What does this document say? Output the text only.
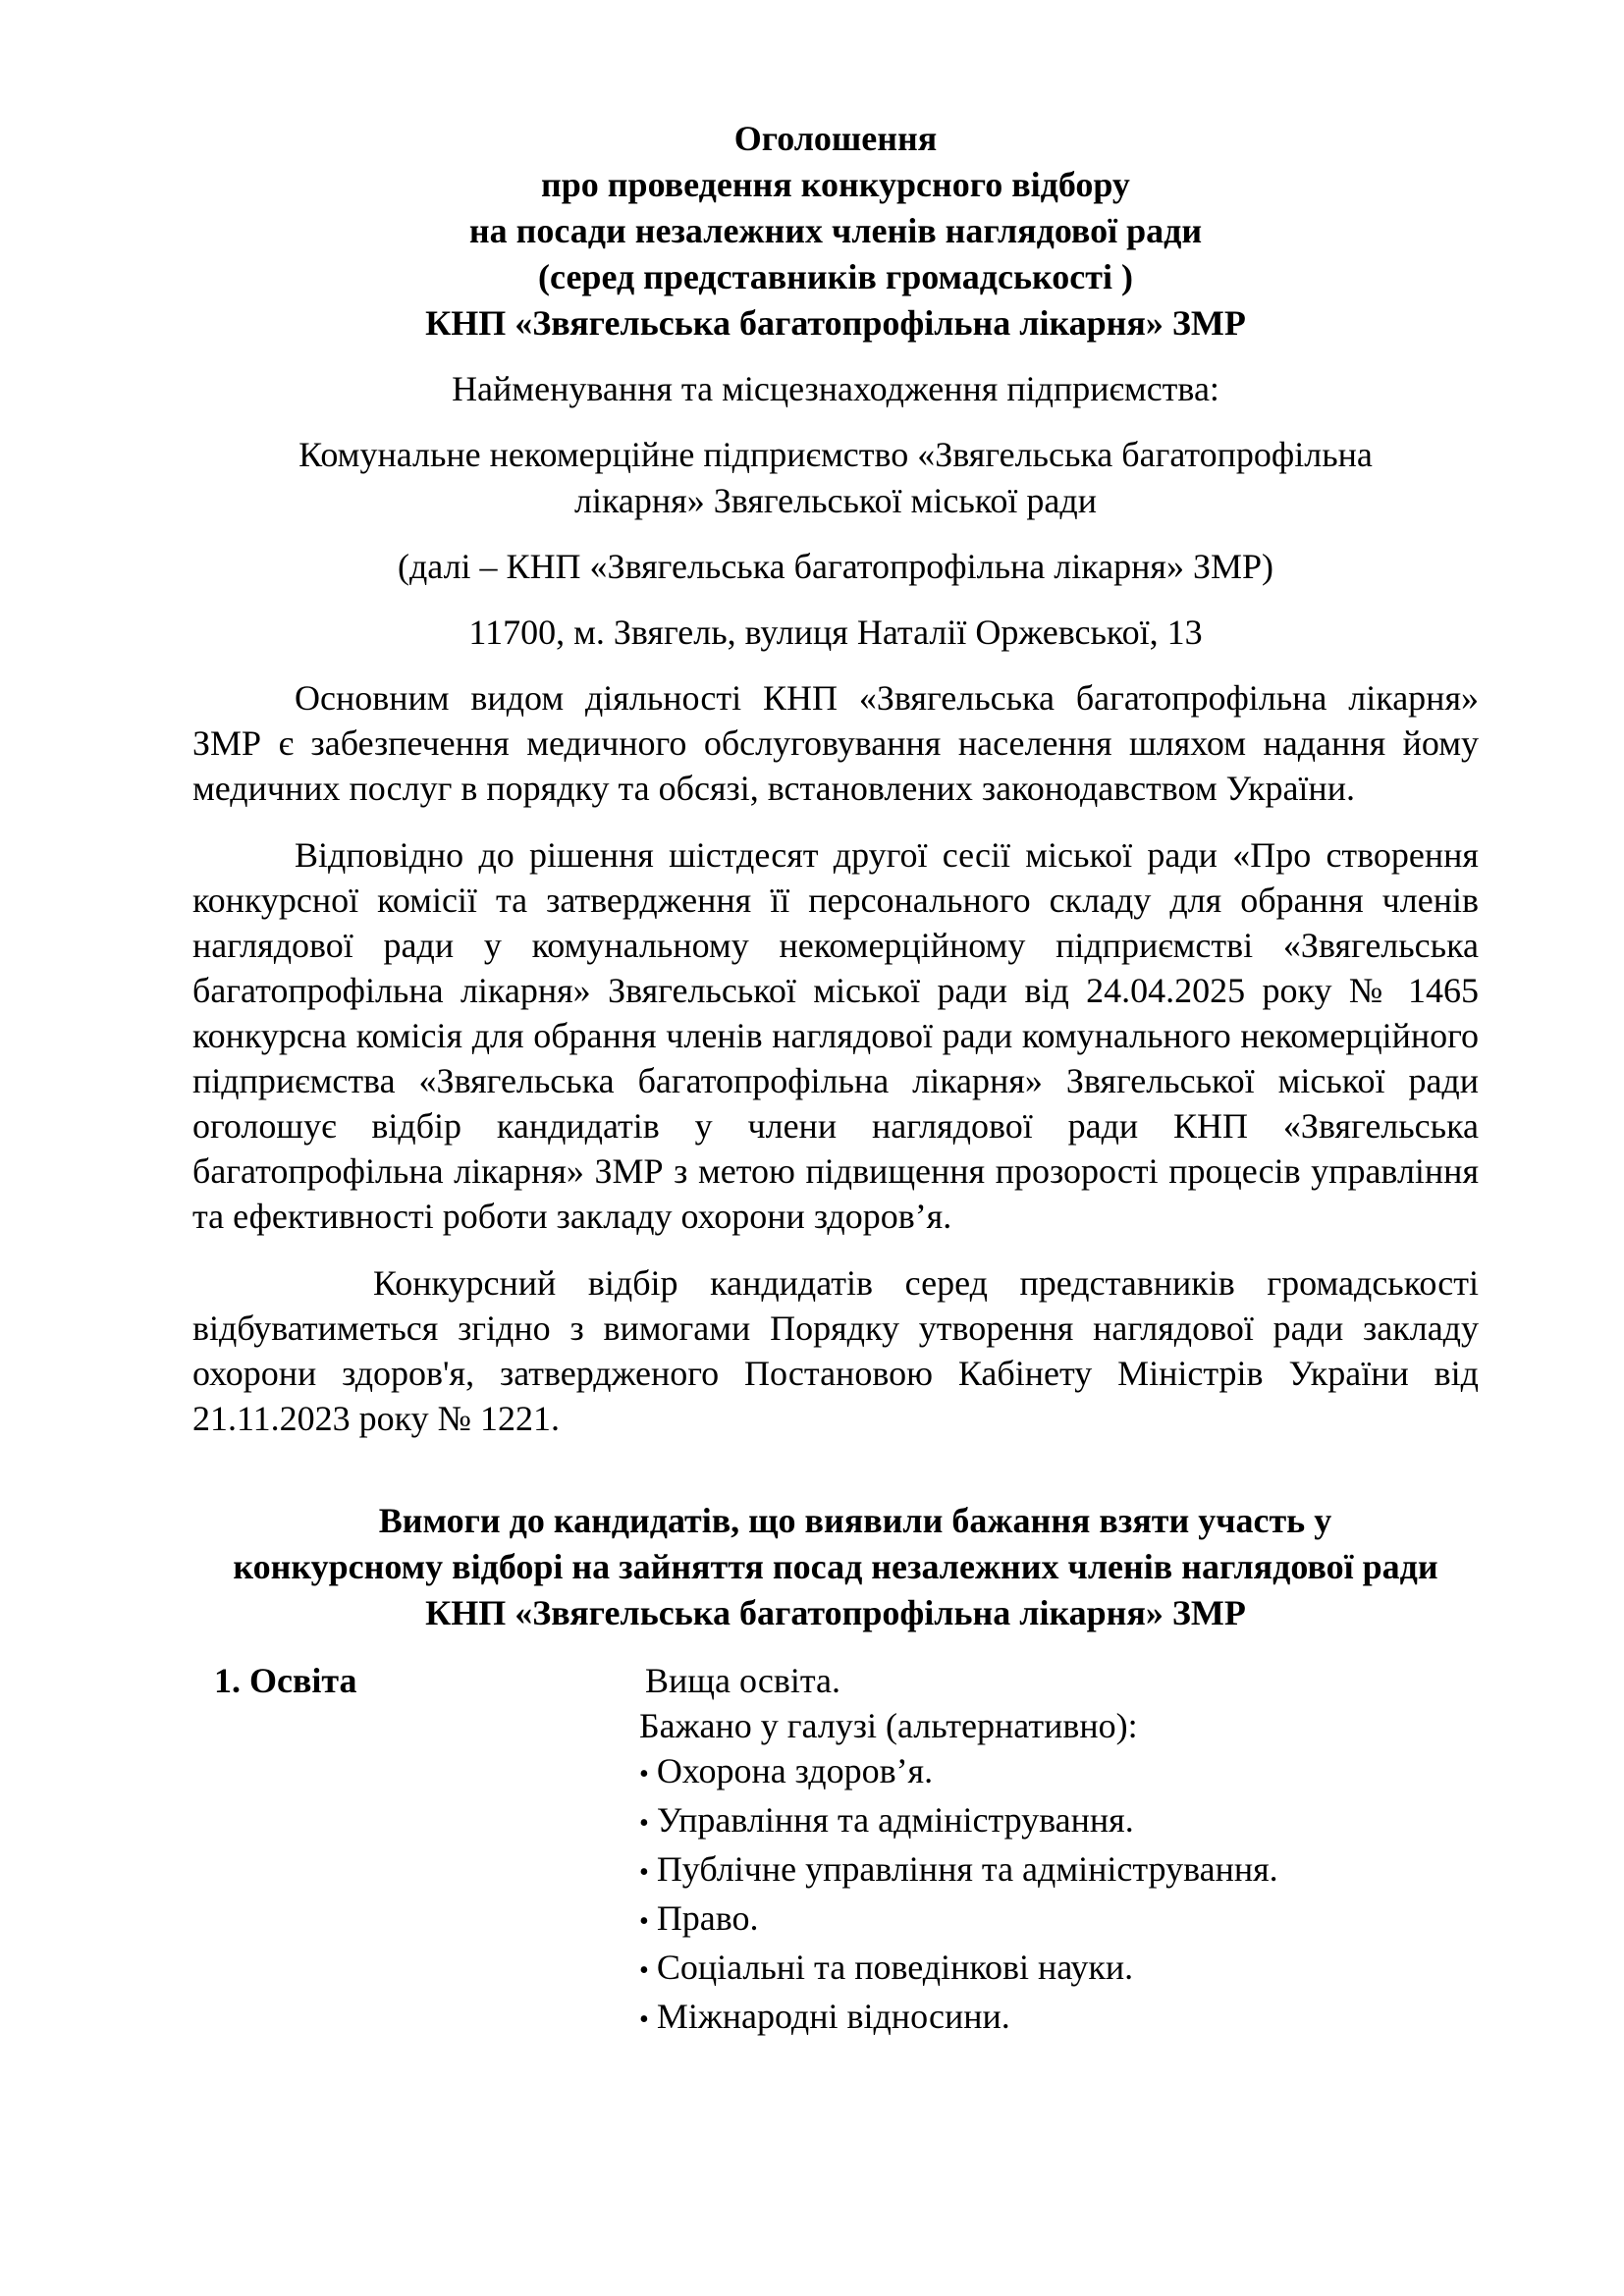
Оголошення
про проведення конкурсного відбору
на посади незалежних членів наглядової ради
(серед представників громадськості )
КНП «Звягельська багатопрофільна лікарня» ЗМР
Найменування та місцезнаходження підприємства:
Комунальне некомерційне підприємство «Звягельська багатопрофільна
лікарня» Звягельської міської ради
(далі – КНП «Звягельська багатопрофільна лікарня» ЗМР)
11700, м. Звягель, вулиця Наталії Оржевської, 13

Основним видом діяльності КНП «Звягельська багатопрофільна лікарня» ЗМР є забезпечення медичного обслуговування населення шляхом надання йому медичних послуг в порядку та обсязі, встановлених законодавством України.

Відповідно до рішення шістдесят другої сесії міської ради «Про створення конкурсної комісії та затвердження її персонального складу для обрання членів наглядової ради у комунальному некомерційному підприємстві «Звягельська багатопрофільна лікарня» Звягельської міської ради від 24.04.2025 року № 1465 конкурсна комісія для обрання членів наглядової ради комунального некомерційного підприємства «Звягельська багатопрофільна лікарня» Звягельської міської ради оголошує відбір кандидатів у члени наглядової ради КНП «Звягельська багатопрофільна лікарня» ЗМР з метою підвищення прозорості процесів управління та ефективності роботи закладу охорони здоров’я.

Конкурсний відбір кандидатів серед представників громадськості відбуватиметься згідно з вимогами Порядку утворення наглядової ради закладу охорони здоров'я, затвердженого Постановою Кабінету Міністрів України від 21.11.2023 року № 1221.

Вимоги до кандидатів, що виявили бажання взяти участь у
конкурсному відборі на зайняття посад незалежних членів наглядової ради
КНП «Звягельська багатопрофільна лікарня» ЗМР
1. Освіта	Вища освіта.
Бажано у галузі (альтернативно):
• Охорона здоров’я.
• Управління та адміністрування.
• Публічне управління та адміністрування.
• Право.
• Соціальні та поведінкові науки.
• Міжнародні відносини.
